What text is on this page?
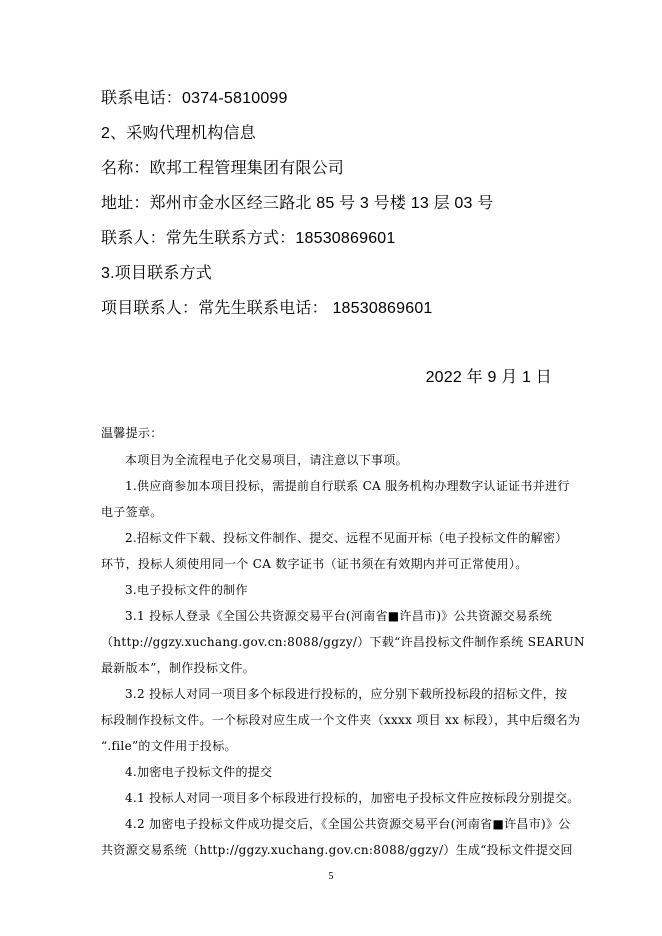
联系电话：0374-5810099

2、采购代理机构信息

名称：欧邦工程管理集团有限公司

地址：郑州市金水区经三路北 85 号 3 号楼 13 层 03 号

联系人：常先生联系方式：18530869601

3.项目联系方式

项目联系人：常先生联系电话： 18530869601

2022 年 9 月 1 日

温馨提示：

本项目为全流程电子化交易项目，请注意以下事项。

1.供应商参加本项目投标，需提前自行联系 CA 服务机构办理数字认证证书并进行

电子签章。

2.招标文件下载、投标文件制作、提交、远程不见面开标（电子投标文件的解密）

环节，投标人须使用同一个 CA 数字证书（证书须在有效期内并可正常使用）。

3.电子投标文件的制作

3.1 投标人登录《全国公共资源交易平台(河南省■许昌市)》公共资源交易系统

（http://ggzy.xuchang.gov.cn:8088/ggzy/）下载“许昌投标文件制作系统 SEARUN

最新版本”，制作投标文件。

3.2 投标人对同一项目多个标段进行投标的，应分别下载所投标段的招标文件，按

标段制作投标文件。一个标段对应生成一个文件夹（xxxx 项目 xx 标段），其中后缀名为

“.file”的文件用于投标。

4.加密电子投标文件的提交

4.1 投标人对同一项目多个标段进行投标的，加密电子投标文件应按标段分别提交。

4.2 加密电子投标文件成功提交后，《全国公共资源交易平台(河南省■许昌市)》公

共资源交易系统（http://ggzy.xuchang.gov.cn:8088/ggzy/）生成“投标文件提交回

5
